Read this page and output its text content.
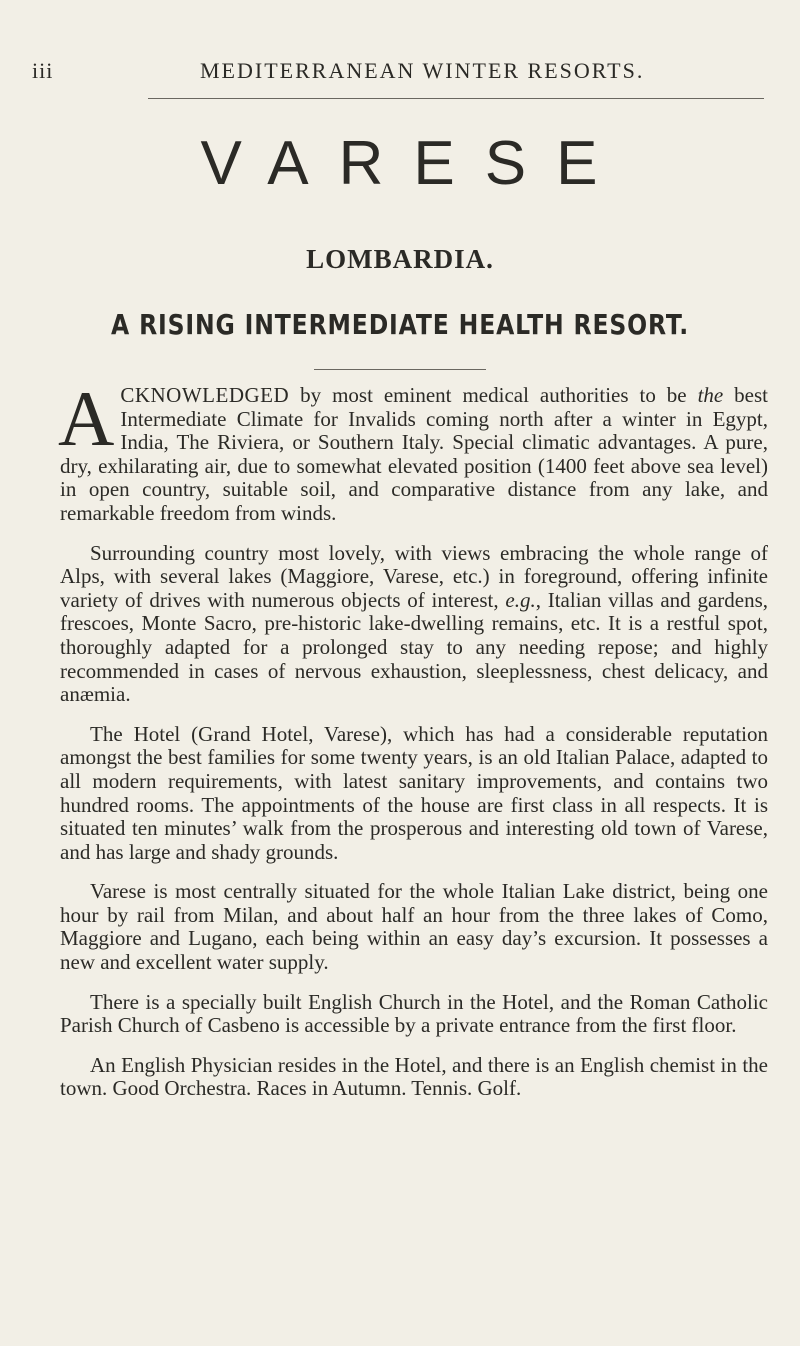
iii	MEDITERRANEAN WINTER RESORTS.
VARESE
LOMBARDIA.
A RISING INTERMEDIATE HEALTH RESORT.

ACKNOWLEDGED by most eminent medical authorities to be the best Intermediate Climate for Invalids coming north after a winter in Egypt, India, The Riviera, or Southern Italy. Special climatic advantages. A pure, dry, exhilarating air, due to somewhat elevated position (1400 feet above sea level) in open country, suitable soil, and comparative distance from any lake, and remarkable freedom from winds.

Surrounding country most lovely, with views embracing the whole range of Alps, with several lakes (Maggiore, Varese, etc.) in foreground, offering infinite variety of drives with numerous objects of interest, e.g., Italian villas and gardens, frescoes, Monte Sacro, pre-historic lake-dwelling remains, etc. It is a restful spot, thoroughly adapted for a prolonged stay to any needing repose; and highly recommended in cases of nervous exhaustion, sleeplessness, chest delicacy, and anæmia.

The Hotel (Grand Hotel, Varese), which has had a considerable reputation amongst the best families for some twenty years, is an old Italian Palace, adapted to all modern requirements, with latest sanitary improvements, and contains two hundred rooms. The appointments of the house are first class in all respects. It is situated ten minutes’ walk from the prosperous and interesting old town of Varese, and has large and shady grounds.

Varese is most centrally situated for the whole Italian Lake district, being one hour by rail from Milan, and about half an hour from the three lakes of Como, Maggiore and Lugano, each being within an easy day’s excursion. It possesses a new and excellent water supply.

There is a specially built English Church in the Hotel, and the Roman Catholic Parish Church of Casbeno is accessible by a private entrance from the first floor.

An English Physician resides in the Hotel, and there is an English chemist in the town. Good Orchestra. Races in Autumn. Tennis. Golf.
